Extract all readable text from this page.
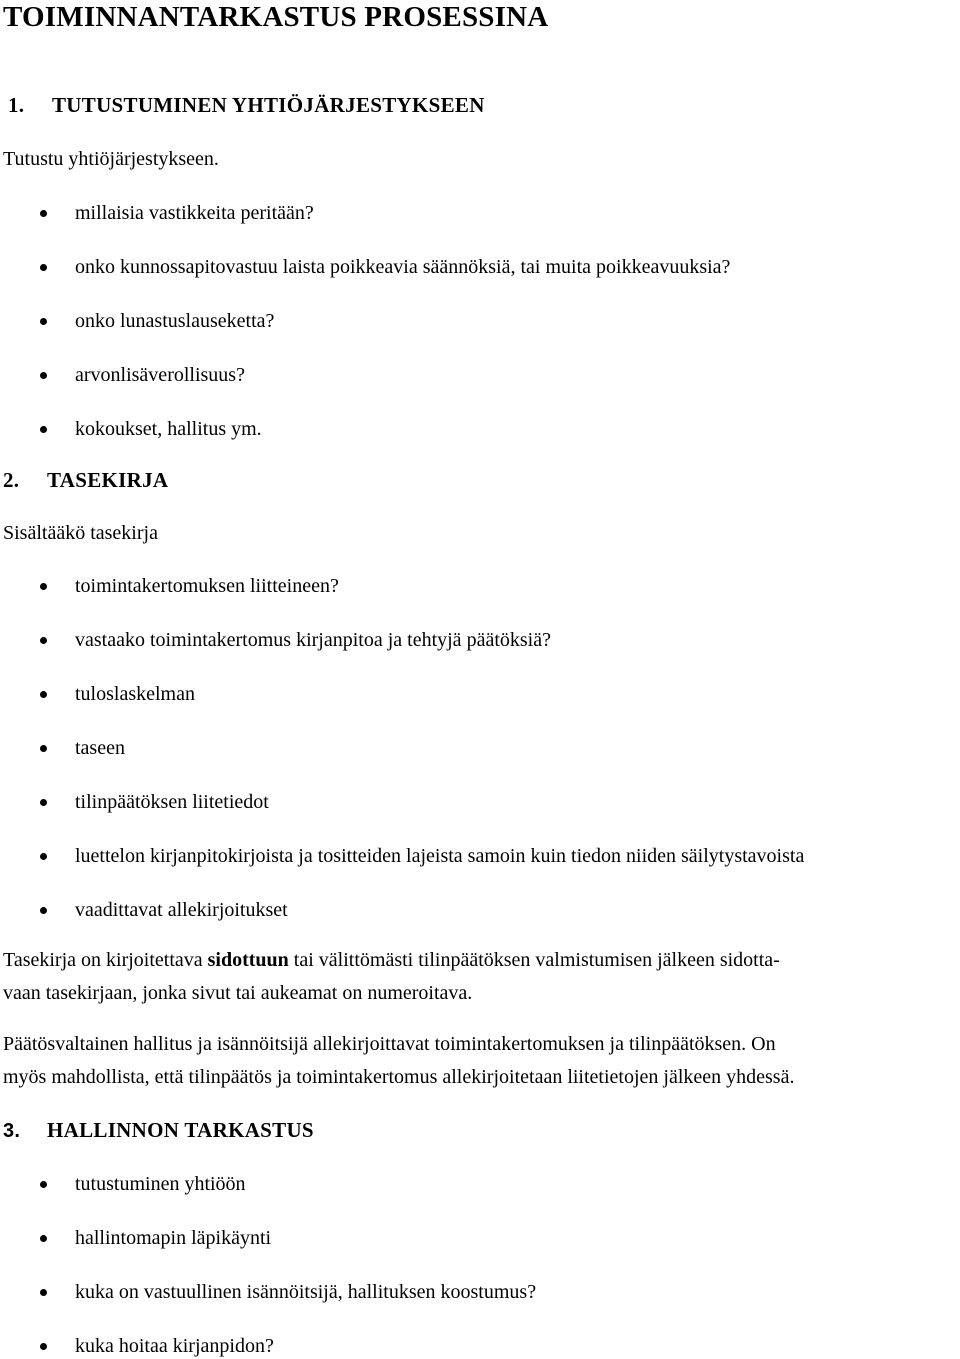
TOIMINNANTARKASTUS PROSESSINA
1. TUTUSTUMINEN YHTIÖJÄRJESTYKSEEN
Tutustu yhtiöjärjestykseen.
millaisia vastikkeita peritään?
onko kunnossapitovastuu laista poikkeavia säännöksiä, tai muita poikkeavuuksia?
onko lunastuslauseketta?
arvonlisäverollisuus?
kokoukset, hallitus ym.
2. TASEKIRJA
Sisältääkö tasekirja
toimintakertomuksen liitteineen?
vastaako toimintakertomus kirjanpitoa ja tehtyjä päätöksiä?
tuloslaskelman
taseen
tilinpäätöksen liitetiedot
luettelon kirjanpitokirjoista ja tositteiden lajeista samoin kuin tiedon niiden säilytystavoista
vaadittavat allekirjoitukset
Tasekirja on kirjoitettava sidottuun tai välittömästi tilinpäätöksen valmistumisen jälkeen sidotta-
vaan tasekirjaan, jonka sivut tai aukeamat on numeroitava.
Päätösvaltainen hallitus ja isännöitsijä allekirjoittavat toimintakertomuksen ja tilinpäätöksen. On
myös mahdollista, että tilinpäätös ja toimintakertomus allekirjoitetaan liitetietojen jälkeen yhdessä.
3. HALLINNON TARKASTUS
tutustuminen yhtiöön
hallintomapin läpikäynti
kuka on vastuullinen isännöitsijä, hallituksen koostumus?
kuka hoitaa kirjanpidon?
